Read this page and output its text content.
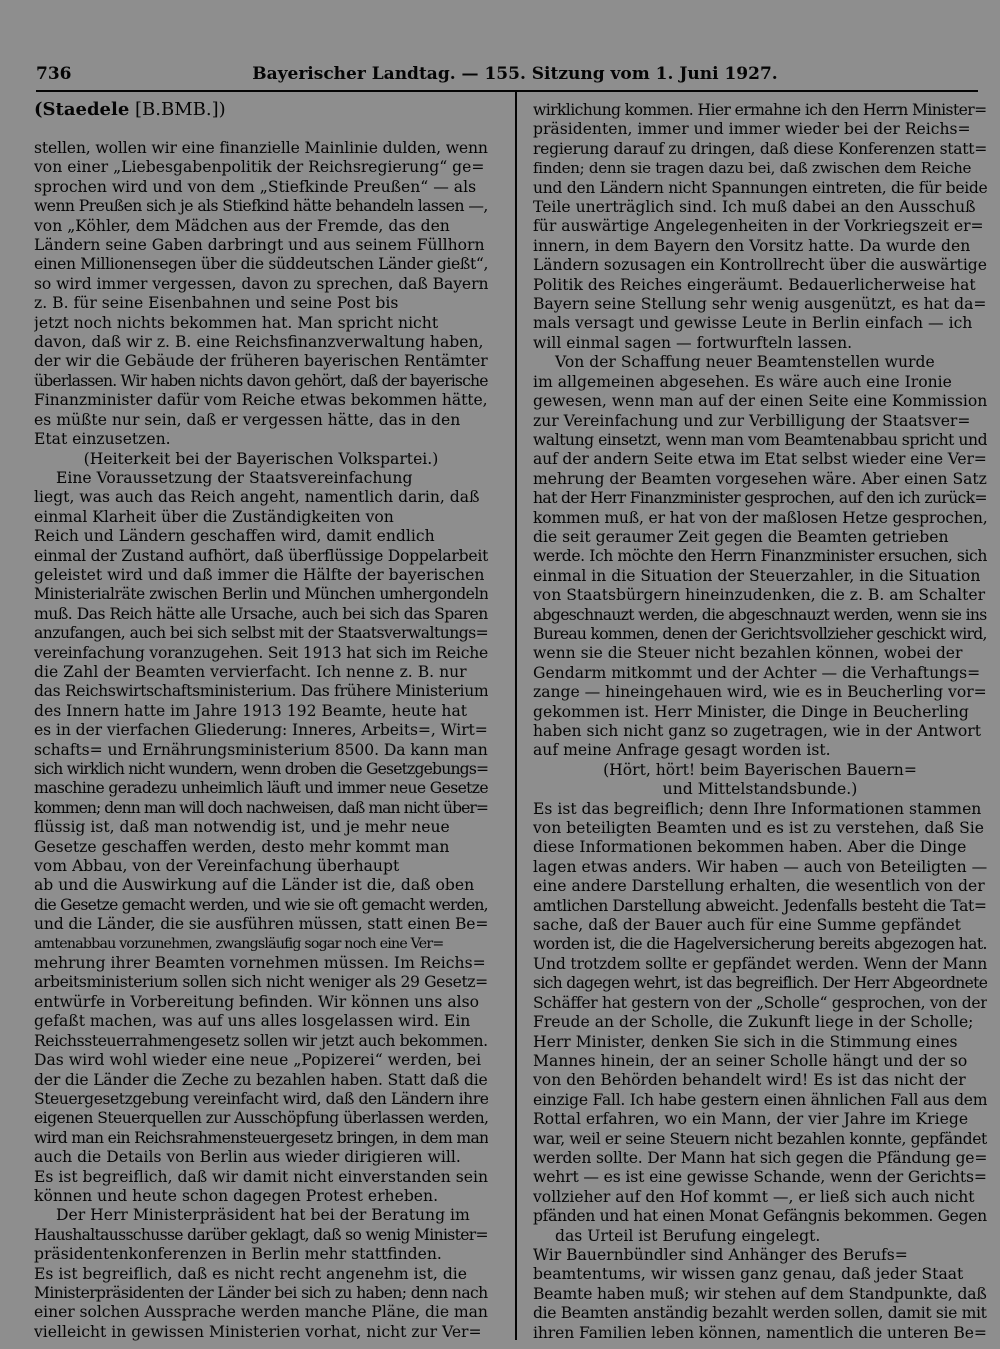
736	Bayerischer Landtag. — 155. Sitzung vom 1. Juni 1927.
(Staedele [B.BMB.])
stellen, wollen wir eine finanzielle Mainlinie dulden, wenn
von einer „Liebesgabenpolitik der Reichsregierung“ ge=
sprochen wird und von dem „Stiefkinde Preußen“ — als
wenn Preußen sich je als Stiefkind hätte behandeln lassen —,
von „Köhler, dem Mädchen aus der Fremde, das den
Ländern seine Gaben darbringt und aus seinem Füllhorn
einen Millionensegen über die süddeutschen Länder gießt“,
so wird immer vergessen, davon zu sprechen, daß Bayern
z. B. für seine Eisenbahnen und seine Post bis
jetzt noch nichts bekommen hat. Man spricht nicht
davon, daß wir z. B. eine Reichsfinanzverwaltung haben,
der wir die Gebäude der früheren bayerischen Rentämter
überlassen. Wir haben nichts davon gehört, daß der bayerische
Finanzminister dafür vom Reiche etwas bekommen hätte,
es müßte nur sein, daß er vergessen hätte, das in den
Etat einzusetzen.
(Heiterkeit bei der Bayerischen Volkspartei.)
Eine Voraussetzung der Staatsvereinfachung
liegt, was auch das Reich angeht, namentlich darin, daß
einmal Klarheit über die Zuständigkeiten von
Reich und Ländern geschaffen wird, damit endlich
einmal der Zustand aufhört, daß überflüssige Doppelarbeit
geleistet wird und daß immer die Hälfte der bayerischen
Ministerialräte zwischen Berlin und München umhergondeln
muß. Das Reich hätte alle Ursache, auch bei sich das Sparen
anzufangen, auch bei sich selbst mit der Staatsverwaltungs=
vereinfachung voranzugehen. Seit 1913 hat sich im Reiche
die Zahl der Beamten vervierfacht. Ich nenne z. B. nur
das Reichswirtschaftsministerium. Das frühere Ministerium
des Innern hatte im Jahre 1913 192 Beamte, heute hat
es in der vierfachen Gliederung: Inneres, Arbeits=, Wirt=
schafts= und Ernährungsministerium 8500. Da kann man
sich wirklich nicht wundern, wenn droben die Gesetzgebungs=
maschine geradezu unheimlich läuft und immer neue Gesetze
kommen; denn man will doch nachweisen, daß man nicht über=
flüssig ist, daß man notwendig ist, und je mehr neue
Gesetze geschaffen werden, desto mehr kommt man
vom Abbau, von der Vereinfachung überhaupt
ab und die Auswirkung auf die Länder ist die, daß oben
die Gesetze gemacht werden, und wie sie oft gemacht werden,
und die Länder, die sie ausführen müssen, statt einen Be=
amtenabbau vorzunehmen, zwangsläufig sogar noch eine Ver=
mehrung ihrer Beamten vornehmen müssen. Im Reichs=
arbeitsministerium sollen sich nicht weniger als 29 Gesetz=
entwürfe in Vorbereitung befinden. Wir können uns also
gefaßt machen, was auf uns alles losgelassen wird. Ein
Reichssteuerrahmengesetz sollen wir jetzt auch bekommen.
Das wird wohl wieder eine neue „Popizerei“ werden, bei
der die Länder die Zeche zu bezahlen haben. Statt daß die
Steuergesetzgebung vereinfacht wird, daß den Ländern ihre
eigenen Steuerquellen zur Ausschöpfung überlassen werden,
wird man ein Reichsrahmensteuergesetz bringen, in dem man
auch die Details von Berlin aus wieder dirigieren will.
Es ist begreiflich, daß wir damit nicht einverstanden sein
können und heute schon dagegen Protest erheben.
Der Herr Ministerpräsident hat bei der Beratung im
Haushaltausschusse darüber geklagt, daß so wenig Minister=
präsidentenkonferenzen in Berlin mehr stattfinden.
Es ist begreiflich, daß es nicht recht angenehm ist, die
Ministerpräsidenten der Länder bei sich zu haben; denn nach
einer solchen Aussprache werden manche Pläne, die man
vielleicht in gewissen Ministerien vorhat, nicht zur Ver=
wirklichung kommen. Hier ermahne ich den Herrn Minister=
präsidenten, immer und immer wieder bei der Reichs=
regierung darauf zu dringen, daß diese Konferenzen statt=
finden; denn sie tragen dazu bei, daß zwischen dem Reiche
und den Ländern nicht Spannungen eintreten, die für beide
Teile unerträglich sind. Ich muß dabei an den Ausschuß
für auswärtige Angelegenheiten in der Vorkriegszeit er=
innern, in dem Bayern den Vorsitz hatte. Da wurde den
Ländern sozusagen ein Kontrollrecht über die auswärtige
Politik des Reiches eingeräumt. Bedauerlicherweise hat
Bayern seine Stellung sehr wenig ausgenützt, es hat da=
mals versagt und gewisse Leute in Berlin einfach — ich
will einmal sagen — fortwurfteln lassen.
Von der Schaffung neuer Beamtenstellen wurde
im allgemeinen abgesehen. Es wäre auch eine Ironie
gewesen, wenn man auf der einen Seite eine Kommission
zur Vereinfachung und zur Verbilligung der Staatsver=
waltung einsetzt, wenn man vom Beamtenabbau spricht und
auf der andern Seite etwa im Etat selbst wieder eine Ver=
mehrung der Beamten vorgesehen wäre. Aber einen Satz
hat der Herr Finanzminister gesprochen, auf den ich zurück=
kommen muß, er hat von der maßlosen Hetze gesprochen,
die seit geraumer Zeit gegen die Beamten getrieben
werde. Ich möchte den Herrn Finanzminister ersuchen, sich
einmal in die Situation der Steuerzahler, in die Situation
von Staatsbürgern hineinzudenken, die z. B. am Schalter
abgeschnauzt werden, die abgeschnauzt werden, wenn sie ins
Bureau kommen, denen der Gerichtsvollzieher geschickt wird,
wenn sie die Steuer nicht bezahlen können, wobei der
Gendarm mitkommt und der Achter — die Verhaftungs=
zange — hineingehauen wird, wie es in Beucherling vor=
gekommen ist. Herr Minister, die Dinge in Beucherling
haben sich nicht ganz so zugetragen, wie in der Antwort
auf meine Anfrage gesagt worden ist.
(Hört, hört! beim Bayerischen Bauern=
und Mittelstandsbunde.)
Es ist das begreiflich; denn Ihre Informationen stammen
von beteiligten Beamten und es ist zu verstehen, daß Sie
diese Informationen bekommen haben. Aber die Dinge
lagen etwas anders. Wir haben — auch von Beteiligten —
eine andere Darstellung erhalten, die wesentlich von der
amtlichen Darstellung abweicht. Jedenfalls besteht die Tat=
sache, daß der Bauer auch für eine Summe gepfändet
worden ist, die die Hagelversicherung bereits abgezogen hat.
Und trotzdem sollte er gepfändet werden. Wenn der Mann
sich dagegen wehrt, ist das begreiflich. Der Herr Abgeordnete
Schäffer hat gestern von der „Scholle“ gesprochen, von der
Freude an der Scholle, die Zukunft liege in der Scholle;
Herr Minister, denken Sie sich in die Stimmung eines
Mannes hinein, der an seiner Scholle hängt und der so
von den Behörden behandelt wird! Es ist das nicht der
einzige Fall. Ich habe gestern einen ähnlichen Fall aus dem
Rottal erfahren, wo ein Mann, der vier Jahre im Kriege
war, weil er seine Steuern nicht bezahlen konnte, gepfändet
werden sollte. Der Mann hat sich gegen die Pfändung ge=
wehrt — es ist eine gewisse Schande, wenn der Gerichts=
vollzieher auf den Hof kommt —, er ließ sich auch nicht
pfänden und hat einen Monat Gefängnis bekommen. Gegen
das Urteil ist Berufung eingelegt.
Wir Bauernbündler sind Anhänger des Berufs=
beamtentums, wir wissen ganz genau, daß jeder Staat
Beamte haben muß; wir stehen auf dem Standpunkte, daß
die Beamten anständig bezahlt werden sollen, damit sie mit
ihren Familien leben können, namentlich die unteren Be=
